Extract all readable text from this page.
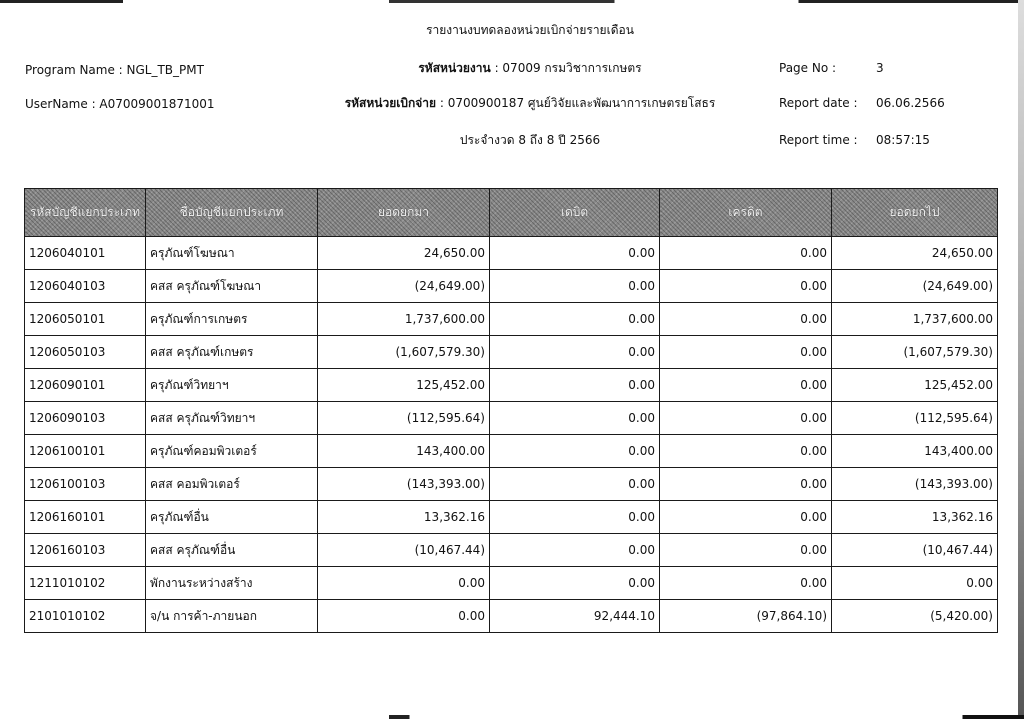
รายงานงบทดลองหน่วยเบิกจ่ายรายเดือน
Program Name : NGL_TB_PMT
UserName : A07009001871001
รหัสหน่วยงาน : 07009 กรมวิชาการเกษตร
รหัสหน่วยเบิกจ่าย : 0700900187 ศูนย์วิจัยและพัฒนาการเกษตรยโสธร
ประจำงวด 8 ถึง 8 ปี 2566
Page No :	3
Report date : 06.06.2566
Report time : 08:57:15
รหัสบัญชีแยกประเภท	ชื่อบัญชีแยกประเภท	ยอดยกมา	เดบิต	เครดิต	ยอดยกไป
1206040101	ครุภัณฑ์โฆษณา	24,650.00	0.00	0.00	24,650.00
1206040103	คสส ครุภัณฑ์โฆษณา	(24,649.00)	0.00	0.00	(24,649.00)
1206050101	ครุภัณฑ์การเกษตร	1,737,600.00	0.00	0.00	1,737,600.00
1206050103	คสส ครุภัณฑ์เกษตร	(1,607,579.30)	0.00	0.00	(1,607,579.30)
1206090101	ครุภัณฑ์วิทยาฯ	125,452.00	0.00	0.00	125,452.00
1206090103	คสส ครุภัณฑ์วิทยาฯ	(112,595.64)	0.00	0.00	(112,595.64)
1206100101	ครุภัณฑ์คอมพิวเตอร์	143,400.00	0.00	0.00	143,400.00
1206100103	คสส คอมพิวเตอร์	(143,393.00)	0.00	0.00	(143,393.00)
1206160101	ครุภัณฑ์อื่น	13,362.16	0.00	0.00	13,362.16
1206160103	คสส ครุภัณฑ์อื่น	(10,467.44)	0.00	0.00	(10,467.44)
1211010102	พักงานระหว่างสร้าง	0.00	0.00	0.00	0.00
2101010102	จ/น การค้า-ภายนอก	0.00	92,444.10	(97,864.10)	(5,420.00)
